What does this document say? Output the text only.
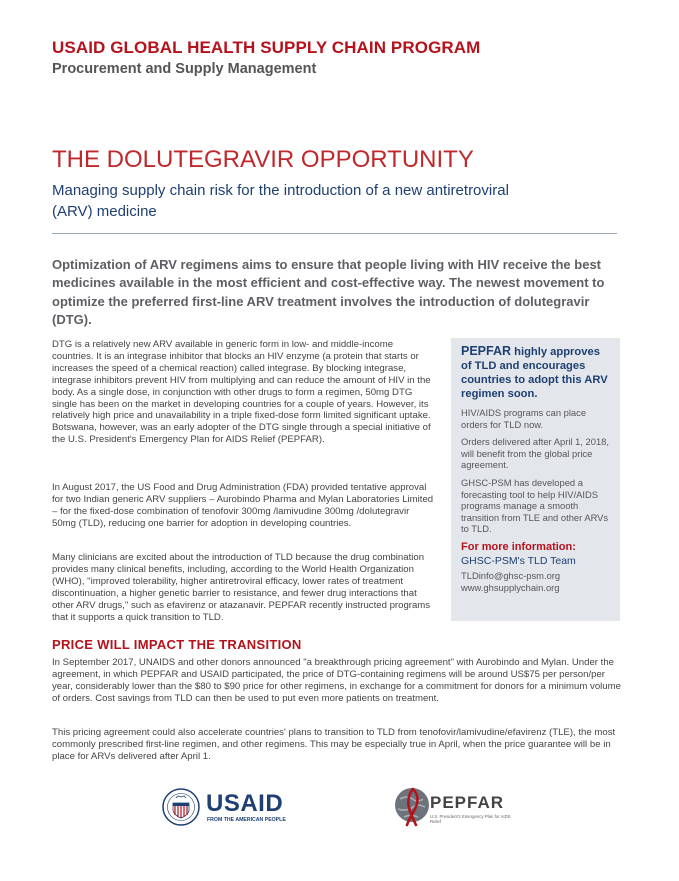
USAID GLOBAL HEALTH SUPPLY CHAIN PROGRAM
Procurement and Supply Management
THE DOLUTEGRAVIR OPPORTUNITY
Managing supply chain risk for the introduction of a new antiretroviral (ARV) medicine
Optimization of ARV regimens aims to ensure that people living with HIV receive the best medicines available in the most efficient and cost-effective way. The newest movement to optimize the preferred first-line ARV treatment involves the introduction of dolutegravir (DTG).
DTG is a relatively new ARV available in generic form in low- and middle-income countries. It is an integrase inhibitor that blocks an HIV enzyme (a protein that starts or increases the speed of a chemical reaction) called integrase. By blocking integrase, integrase inhibitors prevent HIV from multiplying and can reduce the amount of HIV in the body. As a single dose, in conjunction with other drugs to form a regimen, 50mg DTG single has been on the market in developing countries for a couple of years. However, its relatively high price and unavailability in a triple fixed-dose form limited significant uptake. Botswana, however, was an early adopter of the DTG single through a special initiative of the U.S. President's Emergency Plan for AIDS Relief (PEPFAR).
In August 2017, the US Food and Drug Administration (FDA) provided tentative approval for two Indian generic ARV suppliers – Aurobindo Pharma and Mylan Laboratories Limited – for the fixed-dose combination of tenofovir 300mg /lamivudine 300mg /dolutegravir 50mg (TLD), reducing one barrier for adoption in developing countries.
Many clinicians are excited about the introduction of TLD because the drug combination provides many clinical benefits, including, according to the World Health Organization (WHO), "improved tolerability, higher antiretroviral efficacy, lower rates of treatment discontinuation, a higher genetic barrier to resistance, and fewer drug interactions that other ARV drugs," such as efavirenz or atazanavir. PEPFAR recently instructed programs that it supports a quick transition to TLD.
PEPFAR highly approves of TLD and encourages countries to adopt this ARV regimen soon.
HIV/AIDS programs can place orders for TLD now.
Orders delivered after April 1, 2018, will benefit from the global price agreement.
GHSC-PSM has developed a forecasting tool to help HIV/AIDS programs manage a smooth transition from TLE and other ARVs to TLD.
For more information:
GHSC-PSM's TLD Team
TLDinfo@ghsc-psm.org
www.ghsupplychain.org
PRICE WILL IMPACT THE TRANSITION
In September 2017, UNAIDS and other donors announced "a breakthrough pricing agreement" with Aurobindo and Mylan. Under the agreement, in which PEPFAR and USAID participated, the price of DTG-containing regimens will be around US$75 per person/per year, considerably lower than the $80 to $90 price for other regimens, in exchange for a commitment for donors for a minimum volume of orders. Cost savings from TLD can then be used to put even more patients on treatment.
This pricing agreement could also accelerate countries' plans to transition to TLD from tenofovir/lamivudine/efavirenz (TLE), the most commonly prescribed first-line regimen, and other regimens. This may be especially true in April, when the price guarantee will be in place for ARVs delivered after April 1.
USAID
FROM THE AMERICAN PEOPLE
PEPFAR
U.S. President's Emergency Plan for AIDS Relief
